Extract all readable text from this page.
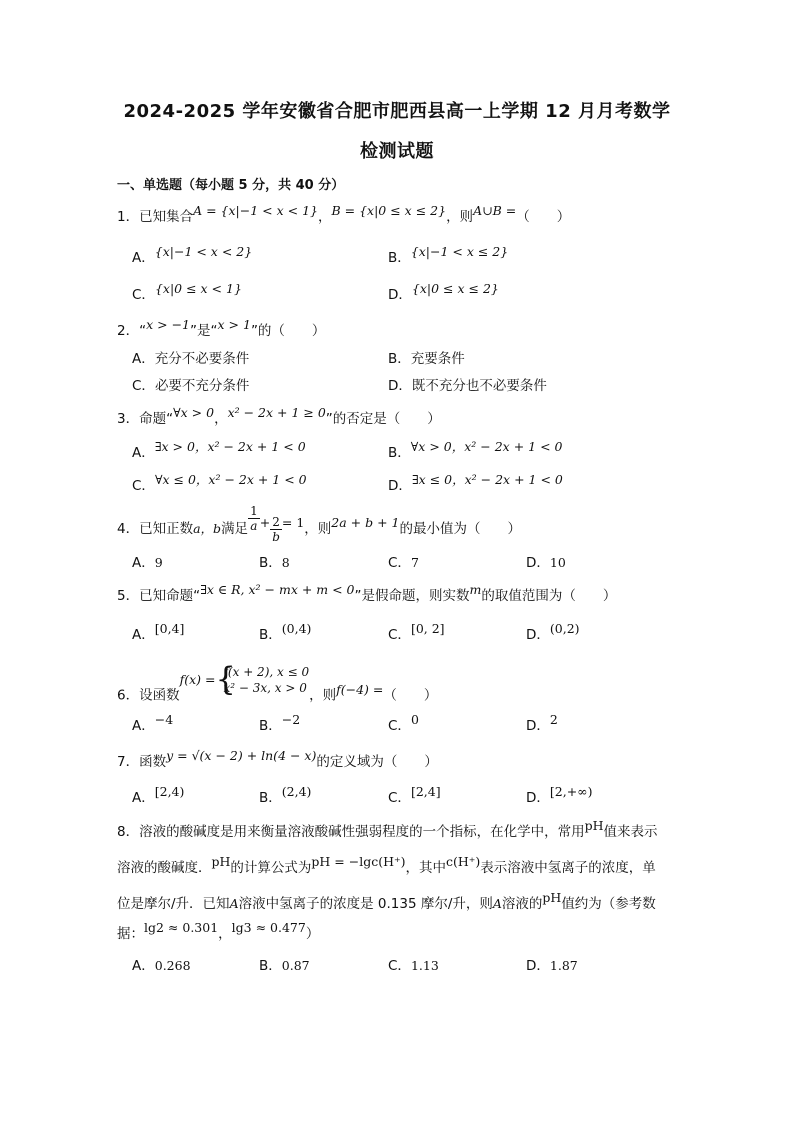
2024-2025 学年安徽省合肥市肥西县高一上学期 12 月月考数学
检测试题
一、单选题（每小题 5 分，共 40 分）
1．已知集合A = {x|−1 < x < 1}，B = {x|0 ≤ x ≤ 2}，则A∪B =（　　）
A．{x|−1 < x < 2}	B．{x|−1 < x ≤ 2}
C．{x|0 ≤ x < 1}	D．{x|0 ≤ x ≤ 2}
2．“x > −1”是“x > 1”的（　　）
A．充分不必要条件	B．充要条件
C．必要不充分条件	D．既不充分也不必要条件
3．命题“∀x > 0，x² − 2x + 1 ≥ 0”的否定是（　　）
A．∃x > 0，x² − 2x + 1 < 0	B．∀x > 0，x² − 2x + 1 < 0
C．∀x ≤ 0，x² − 2x + 1 < 0	D．∃x ≤ 0，x² − 2x + 1 < 0
4．已知正数a，b满足 $\frac{1}{a} + \frac{2}{b} = 1$，则2a + b + 1的最小值为（　　）
A．9	B．8	C．7	D．10
5．已知命题“∃x ∈ R, x² − mx + m < 0”是假命题，则实数m的取值范围为（　　）
A．[0,4]	B．(0,4)	C．[0, 2]	D．(0,2)
6．设函数f(x) = {
f(x + 2), x ≤ 0
x² − 3x, x > 0 ，则f(−4) =（　　）
A．−4	B．−2	C．0	D．2
7．函数y = √(x − 2) + ln(4 − x)的定义域为（　　）
A．[2,4)	B．(2,4)	C．[2,4]	D．[2,+∞)
8．溶液的酸碱度是用来衡量溶液酸碱性强弱程度的一个指标，在化学中，常用pH值来表示
溶液的酸碱度．pH的计算公式为pH = −lgc(H⁺)，其中c(H⁺)表示溶液中氢离子的浓度，单
位是摩尔/升．已知A溶液中氢离子的浓度是 0.135 摩尔/升，则A溶液的pH值约为（参考数
据：lg2 ≈ 0.301，lg3 ≈ 0.477）
A．0.268	B．0.87	C．1.13	D．1.87
